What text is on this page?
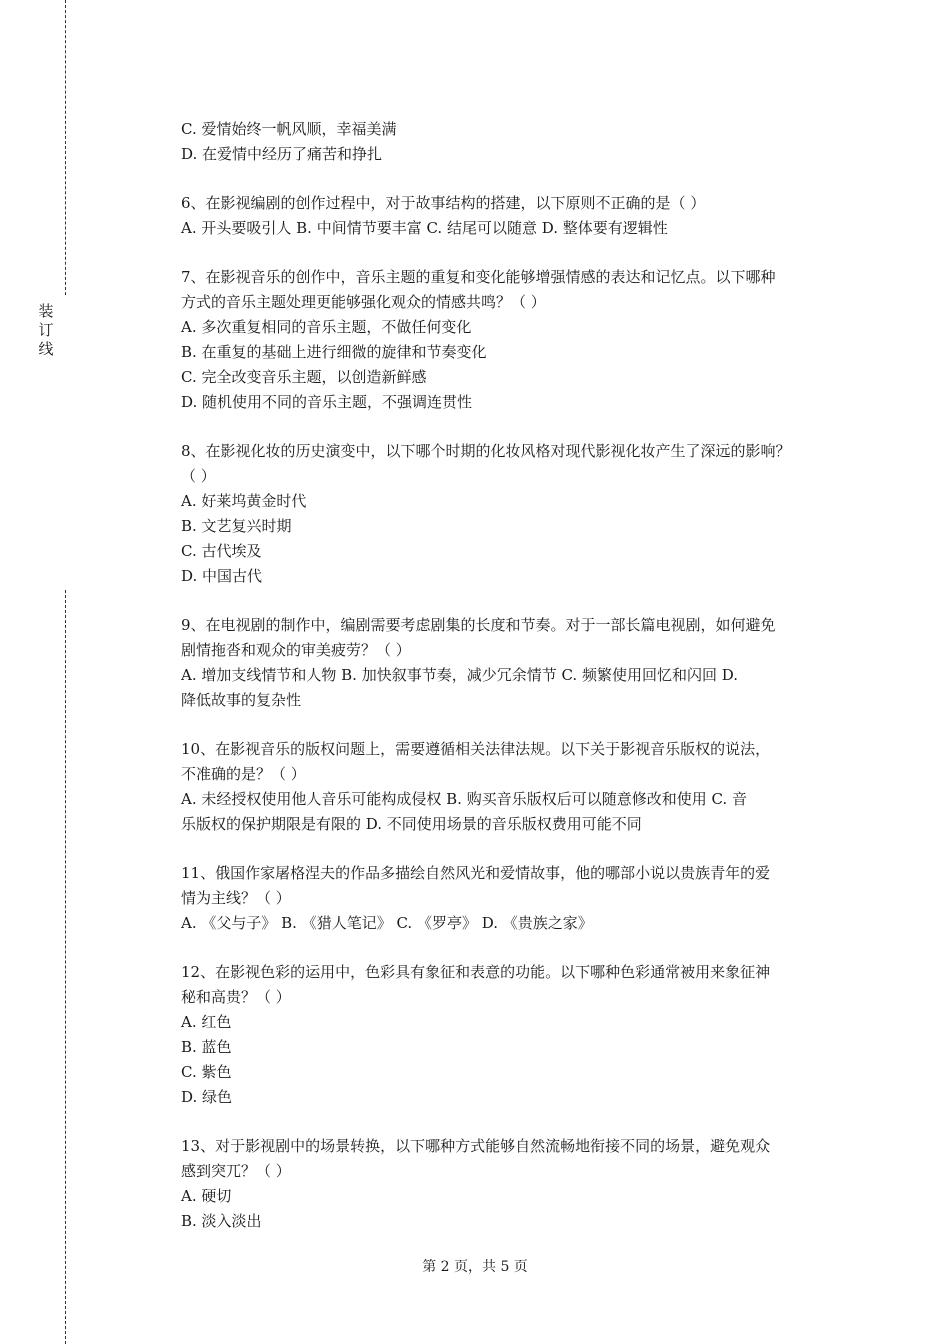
装
订
线
C. 爱情始终一帆风顺，幸福美满
D. 在爱情中经历了痛苦和挣扎
6、在影视编剧的创作过程中，对于故事结构的搭建，以下原则不正确的是（ ）
A. 开头要吸引人 B. 中间情节要丰富 C. 结尾可以随意 D. 整体要有逻辑性
7、在影视音乐的创作中，音乐主题的重复和变化能够增强情感的表达和记忆点。以下哪种
方式的音乐主题处理更能够强化观众的情感共鸣？（ ）
A. 多次重复相同的音乐主题，不做任何变化
B. 在重复的基础上进行细微的旋律和节奏变化
C. 完全改变音乐主题，以创造新鲜感
D. 随机使用不同的音乐主题，不强调连贯性
8、在影视化妆的历史演变中，以下哪个时期的化妆风格对现代影视化妆产生了深远的影响？
（ ）
A. 好莱坞黄金时代
B. 文艺复兴时期
C. 古代埃及
D. 中国古代
9、在电视剧的制作中，编剧需要考虑剧集的长度和节奏。对于一部长篇电视剧，如何避免
剧情拖沓和观众的审美疲劳？（ ）
A. 增加支线情节和人物 B. 加快叙事节奏，减少冗余情节 C. 频繁使用回忆和闪回 D.
降低故事的复杂性
10、在影视音乐的版权问题上，需要遵循相关法律法规。以下关于影视音乐版权的说法，
不准确的是？（ ）
A. 未经授权使用他人音乐可能构成侵权 B. 购买音乐版权后可以随意修改和使用 C. 音
乐版权的保护期限是有限的 D. 不同使用场景的音乐版权费用可能不同
11、俄国作家屠格涅夫的作品多描绘自然风光和爱情故事，他的哪部小说以贵族青年的爱
情为主线？（ ）
A. 《父与子》 B. 《猎人笔记》 C. 《罗亭》 D. 《贵族之家》
12、在影视色彩的运用中，色彩具有象征和表意的功能。以下哪种色彩通常被用来象征神
秘和高贵？（ ）
A. 红色
B. 蓝色
C. 紫色
D. 绿色
13、对于影视剧中的场景转换，以下哪种方式能够自然流畅地衔接不同的场景，避免观众
感到突兀？（ ）
A. 硬切
B. 淡入淡出
第 2 页，共 5 页
